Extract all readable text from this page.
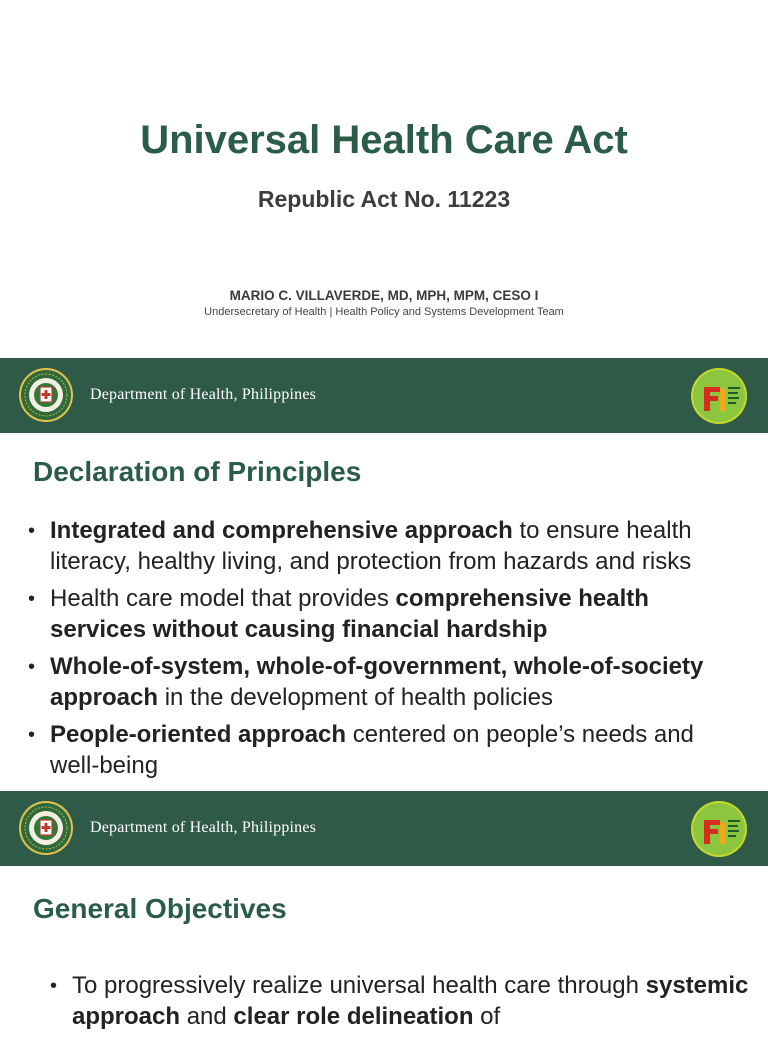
Universal Health Care Act
Republic Act No. 11223
MARIO C. VILLAVERDE, MD, MPH, MPM, CESO I
Undersecretary of Health | Health Policy and Systems Development Team
Department of Health, Philippines
Declaration of Principles
• Integrated and comprehensive approach to ensure health literacy, healthy living, and protection from hazards and risks
• Health care model that provides comprehensive health services without causing financial hardship
• Whole-of-system, whole-of-government, whole-of-society approach in the development of health policies
• People-oriented approach centered on people’s needs and well-being
Department of Health, Philippines
General Objectives
• To progressively realize universal health care through systemic approach and clear role delineation of
